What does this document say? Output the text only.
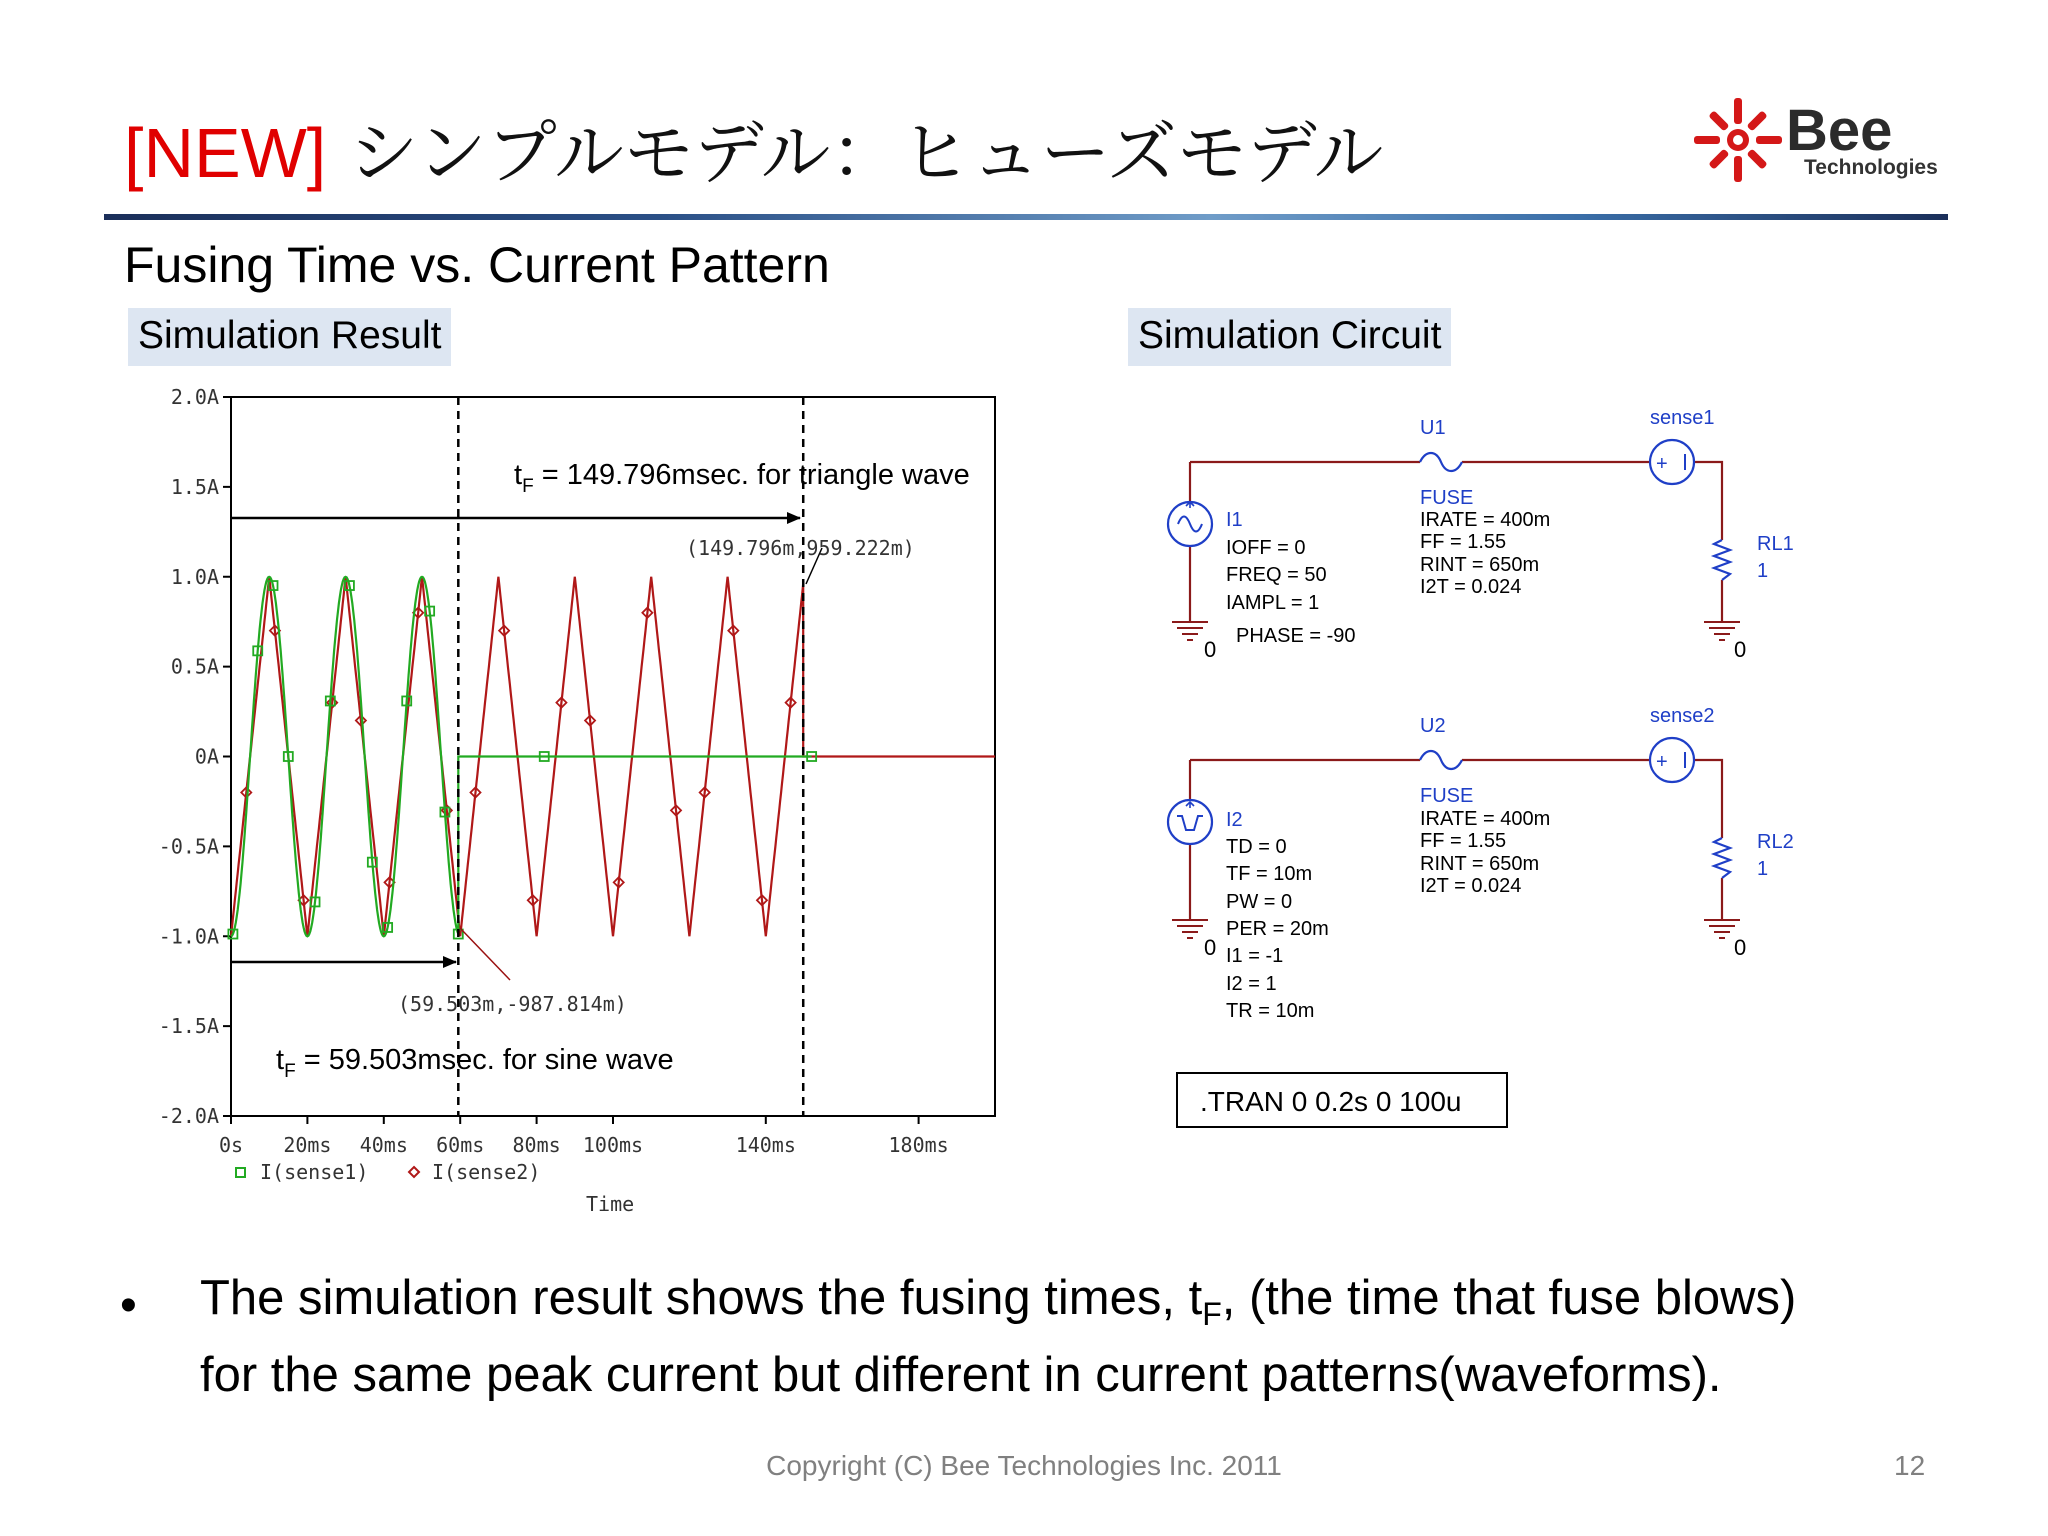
[NEW] シンプルモデル：ヒューズモデル	Bee
Technologies
Fusing Time vs. Current Pattern
Simulation Result	Simulation Circuit
2.0A
1.5A
1.0A
0.5A
0A
-0.5A
-1.0A
-1.5A
-2.0A
0s 20ms 40ms 60ms 80ms 100ms	140ms	180ms
(149.796m,959.222m)
(59.503m,-987.814m)
$t_F = 149.796msec$. for triangle wave
$t_F = 59.503msec$. for sine wave
I(sense1)	I(sense2)
Time
+
+
U1	sense1
I1
IOFF = 0
FREQ = 50
IAMPL = 1
PHASE = -90
FUSE
IRATE = 400m
FF = 1.55
RINT = 650m
I2T = 0.024
RL1
1
0	0
U2	sense2
I2
TD = 0
TF = 10m
PW = 0
PER = 20m
I1 = -1
I2 = 1
TR = 10m
FUSE
IRATE = 400m
FF = 1.55
RINT = 650m
I2T = 0.024
RL2
1
0	0
.TRAN 0 0.2s 0 100u
• The simulation result shows the fusing times, $t_F$, (the time that fuse blows)
for the same peak current but different in current patterns(waveforms).
Copyright (C) Bee Technologies Inc. 2011	12
